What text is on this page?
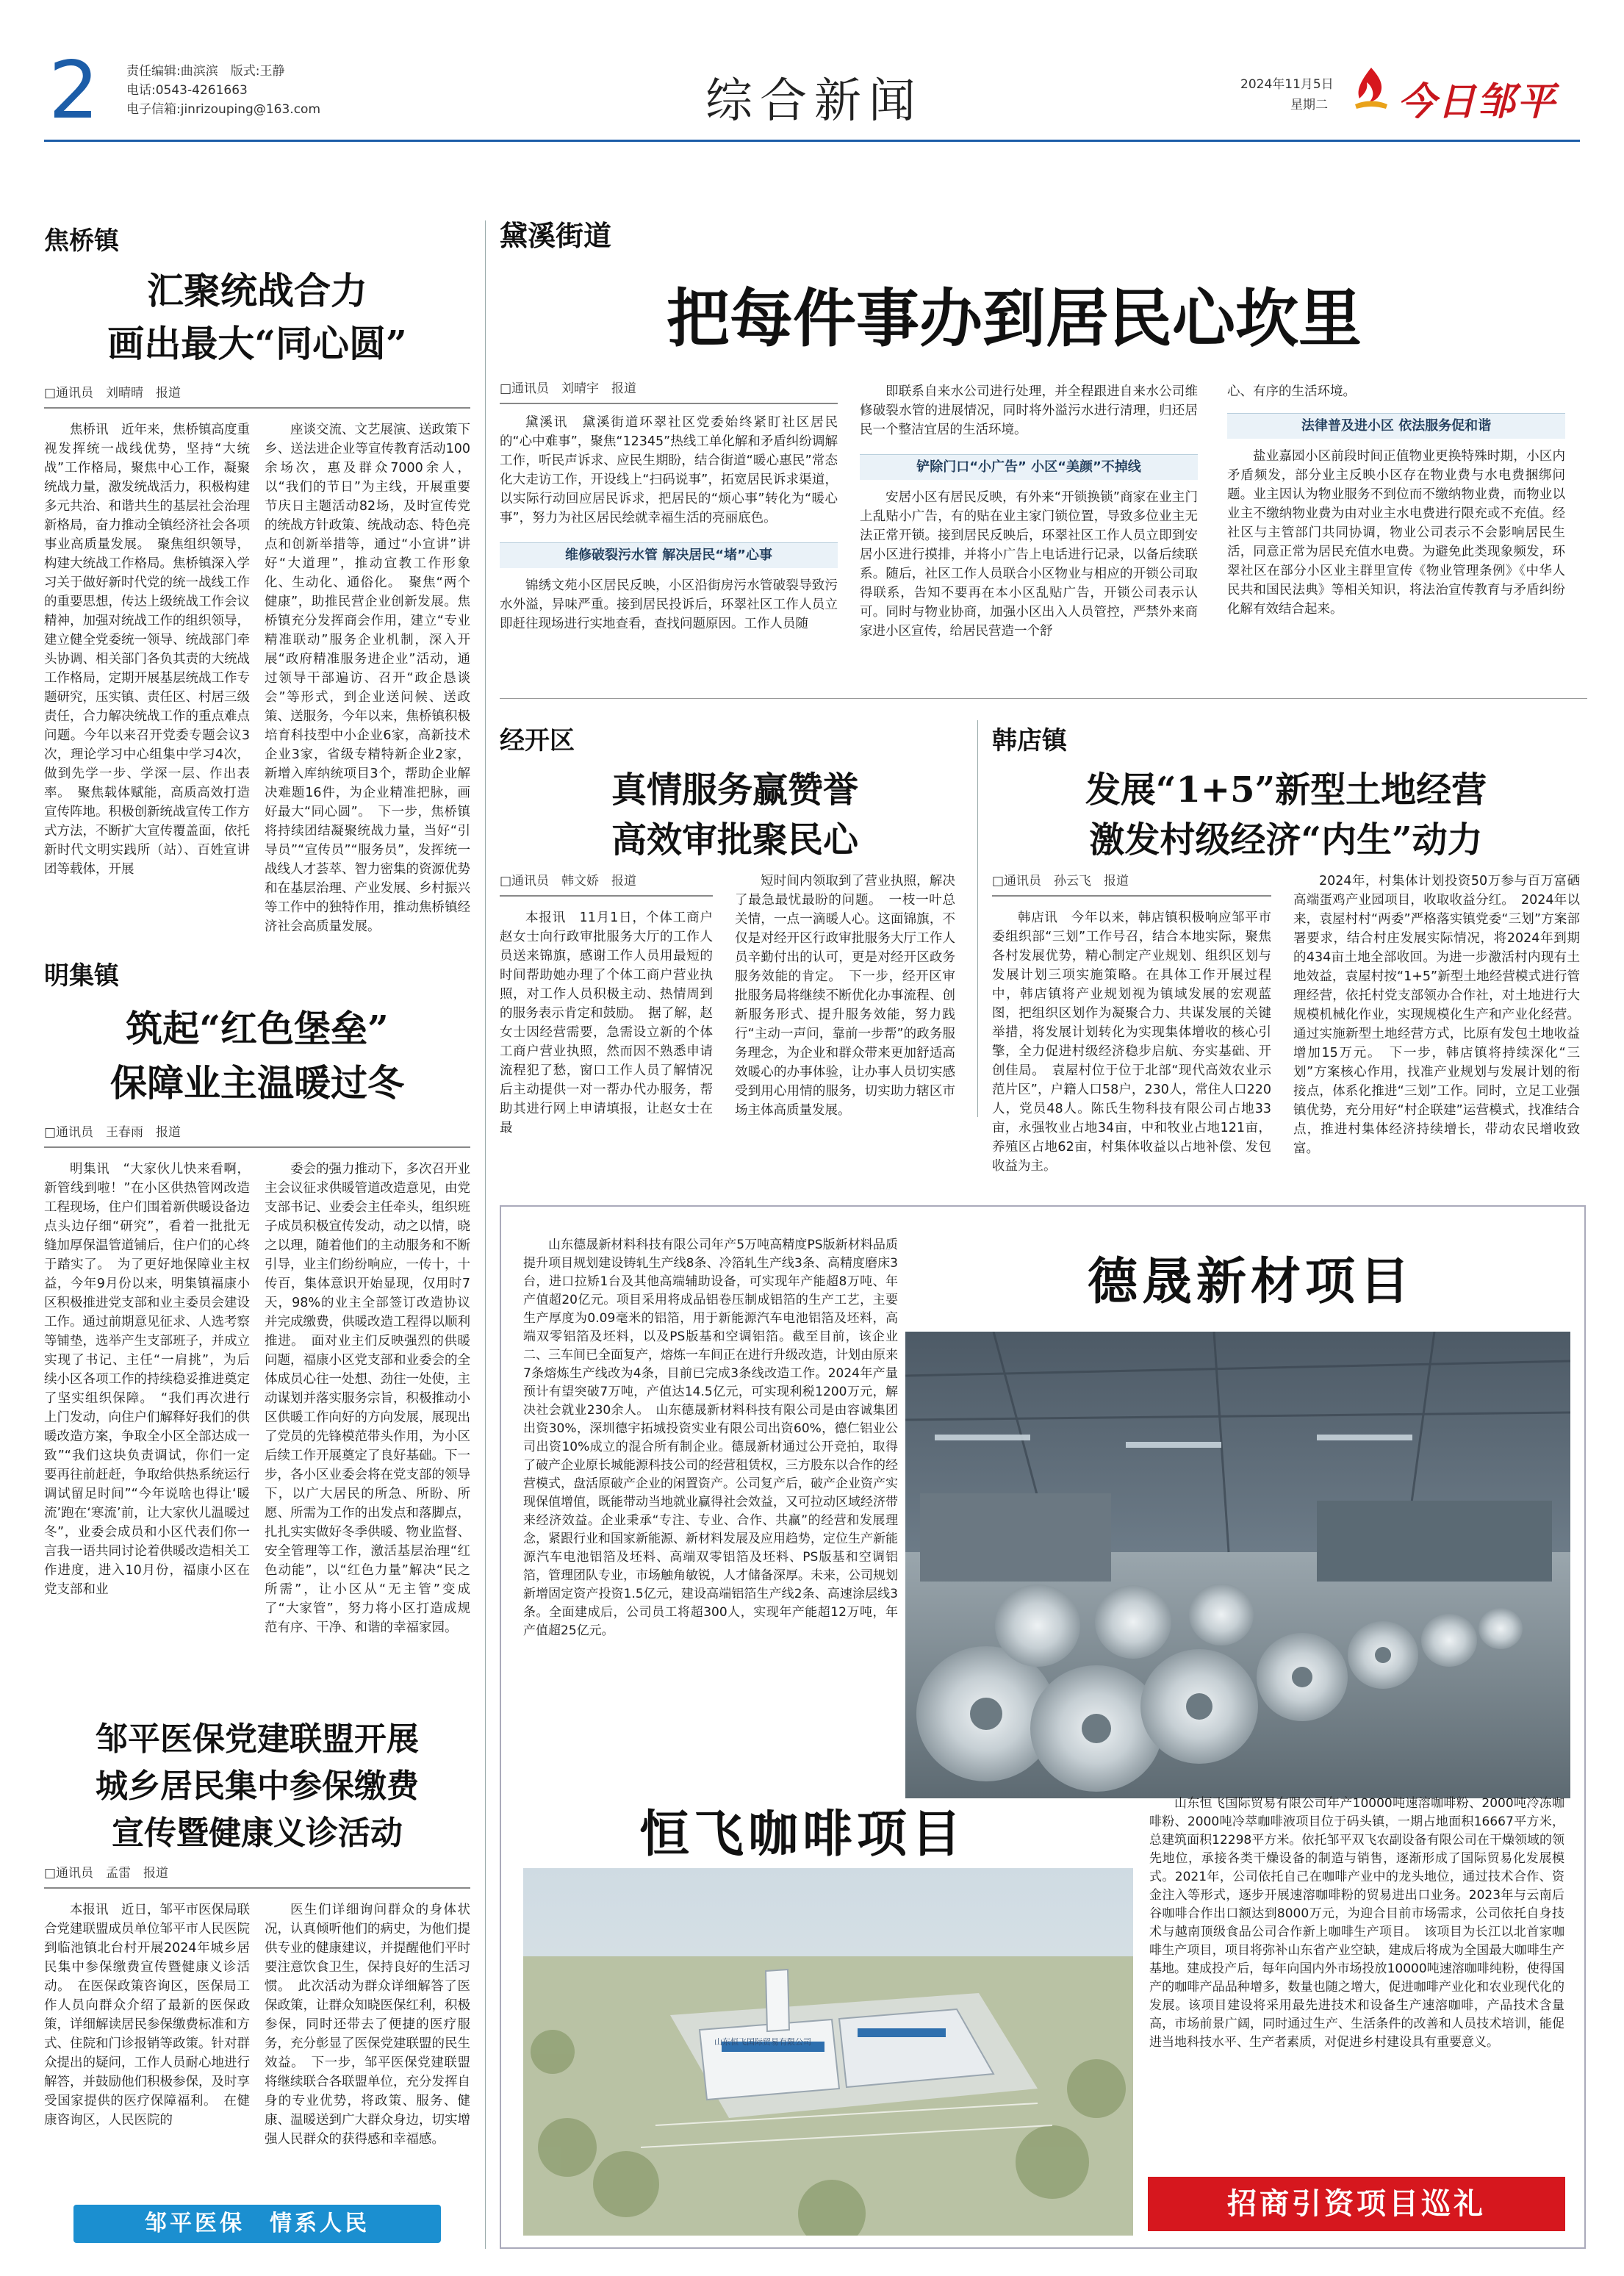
2 责任编辑:曲滨滨　版式:王静
电话:0543-4261663
电子信箱:jinrizouping@163.com	综合新闻	2024年11月5日
星期二 今日邹平
焦桥镇
汇聚统战合力
画出最大“同心圆”
□通讯员　刘晴晴　报道
焦桥讯　近年来，焦桥镇高度重视发挥统一战线优势，坚持“大统战”工作格局，聚焦中心工作，凝聚统战力量，激发统战活力，积极构建多元共治、和谐共生的基层社会治理新格局，奋力推动全镇经济社会各项事业高质量发展。　聚焦组织领导，构建大统战工作格局。焦桥镇深入学习关于做好新时代党的统一战线工作的重要思想，传达上级统战工作会议精神，加强对统战工作的组织领导，建立健全党委统一领导、统战部门牵头协调、相关部门各负其责的大统战工作格局，定期开展基层统战工作专题研究，压实镇、责任区、村居三级责任，合力解决统战工作的重点难点问题。今年以来召开党委专题会议3次，理论学习中心组集中学习4次，做到先学一步、学深一层、作出表率。　聚焦载体赋能，高质高效打造宣传阵地。积极创新统战宣传工作方式方法，不断扩大宣传覆盖面，依托新时代文明实践所（站）、百姓宣讲团等载体，开展
座谈交流、文艺展演、送政策下乡、送法进企业等宣传教育活动100余场次，惠及群众7000余人，以“我们的节日”为主线，开展重要节庆日主题活动82场，及时宣传党的统战方针政策、统战动态、特色亮点和创新举措等，通过“小宣讲”讲好“大道理”，推动宣教工作形象化、生动化、通俗化。　聚焦“两个健康”，助推民营企业创新发展。焦桥镇充分发挥商会作用，建立“专业精准联动”服务企业机制，深入开展“政府精准服务进企业”活动，通过领导干部遍访、召开“政企恳谈会”等形式，到企业送问候、送政策、送服务，今年以来，焦桥镇积极培育科技型中小企业6家，高新技术企业3家，省级专精特新企业2家，新增入库纳统项目3个，帮助企业解决难题16件，为企业精准把脉，画好最大“同心圆”。　下一步，焦桥镇将持续团结凝聚统战力量，当好“引导员”“宣传员”“服务员”，发挥统一战线人才荟萃、智力密集的资源优势和在基层治理、产业发展、乡村振兴等工作中的独特作用，推动焦桥镇经济社会高质量发展。
明集镇
筑起“红色堡垒”
保障业主温暖过冬
□通讯员　王春雨　报道
明集讯　“大家伙儿快来看啊，新管线到啦！”在小区供热管网改造工程现场，住户们围着新供暖设备边点头边仔细“研究”，看着一批批无缝加厚保温管道铺后，住户们的心终于踏实了。　为了更好地保障业主权益，今年9月份以来，明集镇福康小区积极推进党支部和业主委员会建设工作。通过前期意见征求、人选考察等铺垫，选举产生支部班子，并成立实现了书记、主任“一肩挑”，为后续小区各项工作的持续稳妥推进奠定了坚实组织保障。　“我们再次进行上门发动，向住户们解释好我们的供暖改造方案，争取全小区全部达成一致”“我们这块负责调试，你们一定要再往前赶赶，争取给供热系统运行调试留足时间”“今年说啥也得让‘暖流’跑在‘寒流’前，让大家伙儿温暖过冬”，业委会成员和小区代表们你一言我一语共同讨论着供暖改造相关工作进度，进入10月份，福康小区在党支部和业
委会的强力推动下，多次召开业主会议征求供暖管道改造意见，由党支部书记、业委会主任牵头，组织班子成员积极宣传发动，动之以情，晓之以理，随着他们的主动服务和不断引导，业主们纷纷响应，一传十，十传百，集体意识开始显现，仅用时7天，98%的业主全部签订改造协议并完成缴费，供暖改造工程得以顺利推进。　面对业主们反映强烈的供暖问题，福康小区党支部和业委会的全体成员心往一处想、劲往一处使，主动谋划并落实服务宗旨，积极推动小区供暖工作向好的方向发展，展现出了党员的先锋模范带头作用，为小区后续工作开展奠定了良好基础。下一步，各小区业委会将在党支部的领导下，以广大居民的所急、所盼、所愿、所需为工作的出发点和落脚点，扎扎实实做好冬季供暖、物业监督、安全管理等工作，激活基层治理“红色动能”，以“红色力量”解决“民之所需”，让小区从“无主管”变成了“大家管”，努力将小区打造成规范有序、干净、和谐的幸福家园。
邹平医保党建联盟开展
城乡居民集中参保缴费
宣传暨健康义诊活动
□通讯员　孟雷　报道
本报讯　近日，邹平市医保局联合党建联盟成员单位邹平市人民医院到临池镇北台村开展2024年城乡居民集中参保缴费宣传暨健康义诊活动。　在医保政策咨询区，医保局工作人员向群众介绍了最新的医保政策，详细解读居民参保缴费标准和方式、住院和门诊报销等政策。针对群众提出的疑问，工作人员耐心地进行解答，并鼓励他们积极参保，及时享受国家提供的医疗保障福利。　在健康咨询区，人民医院的
医生们详细询问群众的身体状况，认真倾听他们的病史，为他们提供专业的健康建议，并提醒他们平时要注意饮食卫生，保持良好的生活习惯。　此次活动为群众详细解答了医保政策，让群众知晓医保红利，积极参保，同时还带去了便捷的医疗服务，充分彰显了医保党建联盟的民生效益。　下一步，邹平医保党建联盟将继续联合各联盟单位，充分发挥自身的专业优势，将政策、服务、健康、温暖送到广大群众身边，切实增强人民群众的获得感和幸福感。
邹平医保　情系人民
黛溪街道
把每件事办到居民心坎里
□通讯员　刘晴宇　报道
黛溪讯　黛溪街道环翠社区党委始终紧盯社区居民的“心中难事”，聚焦“12345”热线工单化解和矛盾纠纷调解工作，听民声诉求、应民生期盼，结合街道“暖心惠民”常态化大走访工作，开设线上“扫码说事”，拓宽居民诉求渠道，以实际行动回应居民诉求，把居民的“烦心事”转化为“暖心事”，努力为社区居民绘就幸福生活的亮丽底色。
维修破裂污水管 解决居民“堵”心事
锦绣文苑小区居民反映，小区沿街房污水管破裂导致污水外溢，异味严重。接到居民投诉后，环翠社区工作人员立即赶往现场进行实地查看，查找问题原因。工作人员随
即联系自来水公司进行处理，并全程跟进自来水公司维修破裂水管的进展情况，同时将外溢污水进行清理，归还居民一个整洁宜居的生活环境。
铲除门口“小广告” 小区“美颜”不掉线
安居小区有居民反映，有外来“开锁换锁”商家在业主门上乱贴小广告，有的贴在业主家门锁位置，导致多位业主无法正常开锁。接到居民反映后，环翠社区工作人员立即到安居小区进行摸排，并将小广告上电话进行记录，以备后续联系。随后，社区工作人员联合小区物业与相应的开锁公司取得联系，告知不要再在本小区乱贴广告，开锁公司表示认可。同时与物业协商，加强小区出入人员管控，严禁外来商家进小区宣传，给居民营造一个舒
心、有序的生活环境。
法律普及进小区 依法服务促和谐
盐业嘉园小区前段时间正值物业更换特殊时期，小区内矛盾频发，部分业主反映小区存在物业费与水电费捆绑问题。业主因认为物业服务不到位而不缴纳物业费，而物业以业主不缴纳物业费为由对业主水电费进行限充或不充值。经社区与主管部门共同协调，物业公司表示不会影响居民生活，同意正常为居民充值水电费。为避免此类现象频发，环翠社区在部分小区业主群里宣传《物业管理条例》《中华人民共和国民法典》等相关知识，将法治宣传教育与矛盾纠纷化解有效结合起来。
经开区
真情服务赢赞誉
高效审批聚民心
□通讯员　韩文娇　报道
本报讯　11月1日，个体工商户赵女士向行政审批服务大厅的工作人员送来锦旗，感谢工作人员用最短的时间帮助她办理了个体工商户营业执照，对工作人员积极主动、热情周到的服务表示肯定和鼓励。　据了解，赵女士因经营需要，急需设立新的个体工商户营业执照，然而因不熟悉申请流程犯了愁，窗口工作人员了解情况后主动提供一对一帮办代办服务，帮助其进行网上申请填报，让赵女士在最
短时间内领取到了营业执照，解决了最急最忧最盼的问题。　一枝一叶总关情，一点一滴暖人心。这面锦旗，不仅是对经开区行政审批服务大厅工作人员辛勤付出的认可，更是对经开区政务服务效能的肯定。　下一步，经开区审批服务局将继续不断优化办事流程、创新服务形式、提升服务效能，努力践行“主动一声问，靠前一步帮”的政务服务理念，为企业和群众带来更加舒适高效暖心的办事体验，让办事人员切实感受到用心用情的服务，切实助力辖区市场主体高质量发展。
韩店镇
发展“1+5”新型土地经营
激发村级经济“内生”动力
□通讯员　孙云飞　报道
韩店讯　今年以来，韩店镇积极响应邹平市委组织部“三划”工作号召，结合本地实际，聚焦各村发展优势，精心制定产业规划、组织区划与发展计划三项实施策略。在具体工作开展过程中，韩店镇将产业规划视为镇域发展的宏观蓝图，把组织区划作为凝聚合力、共谋发展的关键举措，将发展计划转化为实现集体增收的核心引擎，全力促进村级经济稳步启航、夯实基础、开创佳局。　袁屋村位于位于北部“现代高效农业示范片区”，户籍人口58户，230人，常住人口220人，党员48人。陈氏生物科技有限公司占地33亩，永强牧业占地34亩，中和牧业占地121亩，养殖区占地62亩，村集体收益以占地补偿、发包收益为主。
2024年，村集体计划投资50万参与百万富硒高端蛋鸡产业园项目，收取收益分红。　2024年以来，袁屋村村“两委”严格落实镇党委“三划”方案部署要求，结合村庄发展实际情况，将2024年到期的434亩土地全部收回。为进一步激活村内现有土地效益，袁屋村按“1+5”新型土地经营模式进行管理经营，依托村党支部领办合作社，对土地进行大规模机械化作业，实现规模化生产和产业化经营。通过实施新型土地经营方式，比原有发包土地收益增加15万元。　下一步，韩店镇将持续深化“三划”方案核心作用，找准产业规划与发展计划的衔接点，体系化推进“三划”工作。同时，立足工业强镇优势，充分用好“村企联建”运营模式，找准结合点，推进村集体经济持续增长，带动农民增收致富。
山东德晟新材料科技有限公司年产5万吨高精度PS版新材料品质提升项目规划建设铸轧生产线8条、冷箔轧生产线3条、高精度磨床3台，进口拉矫1台及其他高端辅助设备，可实现年产能超8万吨、年产值超20亿元。项目采用将成品铝卷压制成铝箔的生产工艺，主要生产厚度为0.09毫米的铝箔，用于新能源汽车电池铝箔及坯料，高端双零铝箔及坯料，以及PS版基和空调铝箔。截至目前，该企业二、三车间已全面复产，熔炼一车间正在进行升级改造，计划由原来7条熔炼生产线改为4条，目前已完成3条线改造工作。2024年产量预计有望突破7万吨，产值达14.5亿元，可实现利税1200万元，解决社会就业230余人。　山东德晟新材料科技有限公司是由容诚集团出资30%，深圳德宇拓城投资实业有限公司出资60%，德仁铝业公司出资10%成立的混合所有制企业。德晟新材通过公开竞拍，取得了破产企业原长城能源科技公司的经营租赁权，三方股东以合作的经营模式，盘活原破产企业的闲置资产。公司复产后，破产企业资产实现保值增值，既能带动当地就业赢得社会效益，又可拉动区域经济带来经济效益。企业秉承“专注、专业、合作、共赢”的经营和发展理念，紧跟行业和国家新能源、新材料发展及应用趋势，定位生产新能源汽车电池铝箔及坯料、高端双零铝箔及坯料、PS版基和空调铝箔，管理团队专业，市场触角敏锐，人才储备深厚。未来，公司规划新增固定资产投资1.5亿元，建设高端铝箔生产线2条、高速涂层线3条。全面建成后，公司员工将超300人，实现年产能超12万吨，年产值超25亿元。
德晟新材项目
恒飞咖啡项目
山东恒飞国际贸易有限公司
山东恒飞国际贸易有限公司年产10000吨速溶咖啡粉、2000吨冷冻咖啡粉、2000吨冷萃咖啡液项目位于码头镇，一期占地面积16667平方米，总建筑面积12298平方米。依托邹平双飞农副设备有限公司在干燥领域的领先地位，承接各类干燥设备的制造与销售，逐渐形成了国际贸易化发展模式。2021年，公司依托自己在咖啡产业中的龙头地位，通过技术合作、资金注入等形式，逐步开展速溶咖啡粉的贸易进出口业务。2023年与云南后谷咖啡合作出口额达到8000万元，为迎合目前市场需求，公司依托自身技术与越南顶级食品公司合作新上咖啡生产项目。　该项目为长江以北首家咖啡生产项目，项目将弥补山东省产业空缺，建成后将成为全国最大咖啡生产基地。建成投产后，每年向国内外市场投放10000吨速溶咖啡纯粉，使得国产的咖啡产品品种增多，数量也随之增大，促进咖啡产业化和农业现代化的发展。该项目建设将采用最先进技术和设备生产速溶咖啡，产品技术含量高，市场前景广阔，同时通过生产、生活条件的改善和人员技术培训，能促进当地科技水平、生产者素质，对促进乡村建设具有重要意义。
招商引资项目巡礼
